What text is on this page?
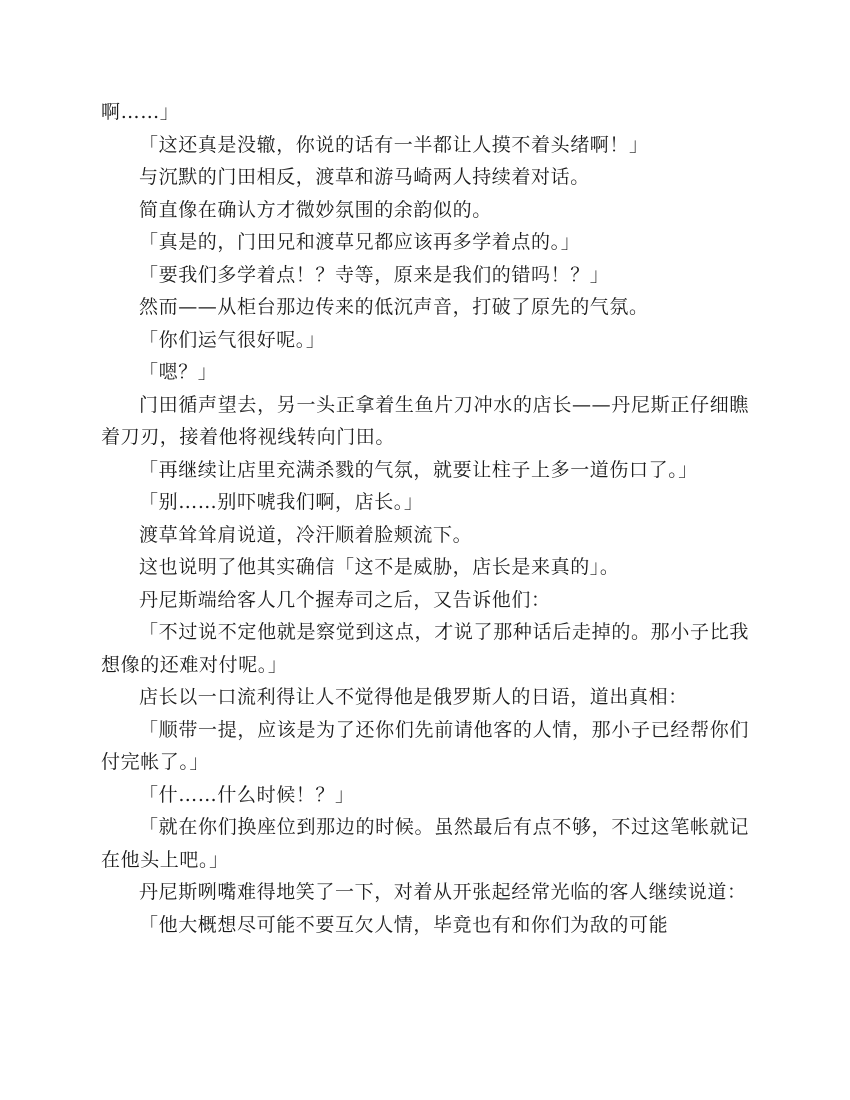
啊……」

「这还真是没辙，你说的话有一半都让人摸不着头绪啊！」

与沉默的门田相反，渡草和游马崎两人持续着对话。

简直像在确认方才微妙氛围的余韵似的。

「真是的，门田兄和渡草兄都应该再多学着点的。」

「要我们多学着点！？寺等，原来是我们的错吗！？」

然而——从柜台那边传来的低沉声音，打破了原先的气氛。

「你们运气很好呢。」

「嗯？」

门田循声望去，另一头正拿着生鱼片刀冲水的店长——丹尼斯正仔细瞧着刀刃，接着他将视线转向门田。

「再继续让店里充满杀戮的气氛，就要让柱子上多一道伤口了。」

「别……别吓唬我们啊，店长。」

渡草耸耸肩说道，冷汗顺着脸颊流下。

这也说明了他其实确信「这不是威胁，店长是来真的」。

丹尼斯端给客人几个握寿司之后，又告诉他们：

「不过说不定他就是察觉到这点，才说了那种话后走掉的。那小子比我想像的还难对付呢。」

店长以一口流利得让人不觉得他是俄罗斯人的日语，道出真相：

「顺带一提，应该是为了还你们先前请他客的人情，那小子已经帮你们付完帐了。」

「什……什么时候！？」

「就在你们换座位到那边的时候。虽然最后有点不够，不过这笔帐就记在他头上吧。」

丹尼斯咧嘴难得地笑了一下，对着从开张起经常光临的客人继续说道：

「他大概想尽可能不要互欠人情，毕竟也有和你们为敌的可能
